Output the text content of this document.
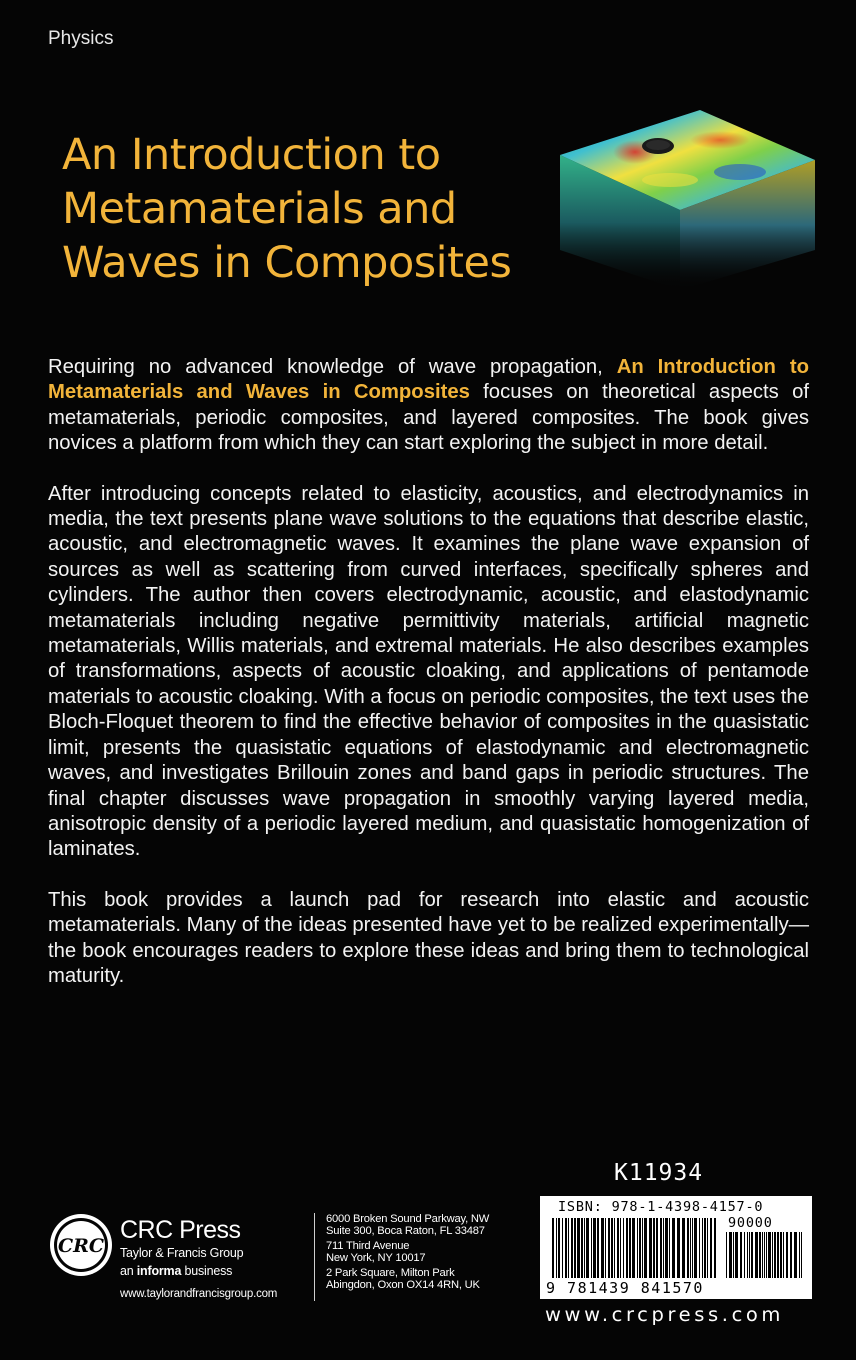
Physics
An Introduction to
Metamaterials and
Waves in Composites

Requiring no advanced knowledge of wave propagation, An Introduction to Metamaterials and Waves in Composites focuses on theoretical aspects of metamaterials, periodic composites, and layered composites. The book gives novices a platform from which they can start exploring the subject in more detail.

After introducing concepts related to elasticity, acoustics, and electrodynamics in media, the text presents plane wave solutions to the equations that describe elastic, acoustic, and electromagnetic waves. It examines the plane wave expansion of sources as well as scattering from curved interfaces, specifically spheres and cylinders. The author then covers electrodynamic, acoustic, and elastodynamic metamaterials including negative permittivity materials, artificial magnetic metamaterials, Willis materials, and extremal materials. He also describes examples of transformations, aspects of acoustic cloaking, and applications of pentamode materials to acoustic cloaking. With a focus on periodic composites, the text uses the Bloch-Floquet theorem to find the effective behavior of composites in the quasistatic limit, presents the quasistatic equations of elastodynamic and electromagnetic waves, and investigates Brillouin zones and band gaps in periodic structures. The final chapter discusses wave propagation in smoothly varying layered media, anisotropic density of a periodic layered medium, and quasistatic homogenization of laminates.

This book provides a launch pad for research into elastic and acoustic metamaterials. Many of the ideas presented have yet to be realized experimentally—the book encourages readers to explore these ideas and bring them to technological maturity.

K11934
ISBN: 978-1-4398-4157-0
90000
9 781439 841570
www.crcpress.com
CRC
CRC Press
Taylor & Francis Group
an informa business
www.taylorandfrancisgroup.com
6000 Broken Sound Parkway, NW
Suite 300, Boca Raton, FL 33487
711 Third Avenue
New York, NY 10017
2 Park Square, Milton Park
Abingdon, Oxon OX14 4RN, UK
